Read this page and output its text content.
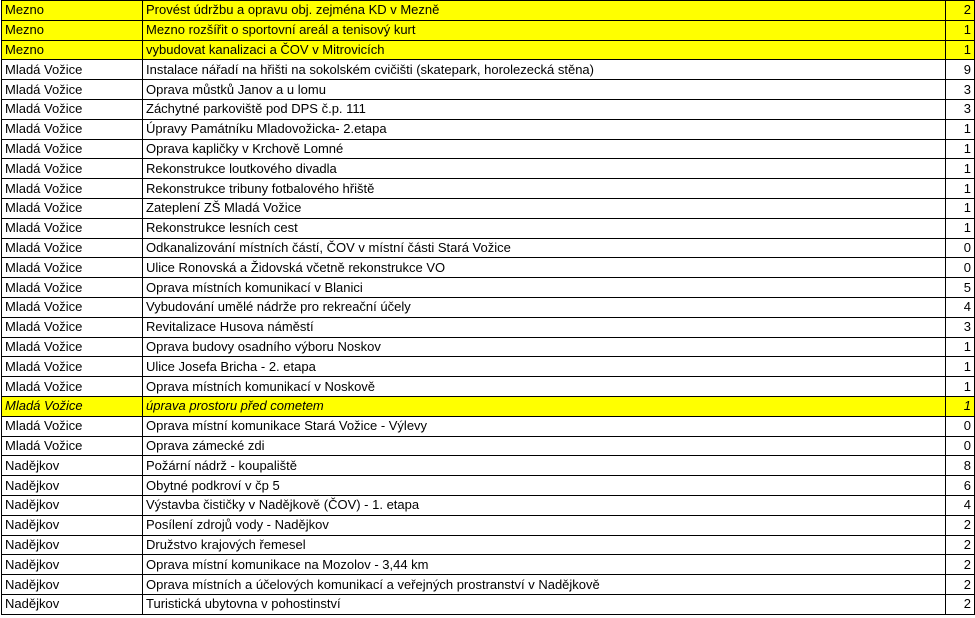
Mezno	Provést údržbu a opravu obj. zejména KD v Mezně	2
Mezno	Mezno rozšířit o sportovní areál a tenisový kurt	1
Mezno	vybudovat kanalizaci a ČOV v Mitrovicích	1
Mladá Vožice	Instalace nářadí na hřišti na sokolském cvičišti (skatepark, horolezecká stěna)	9
Mladá Vožice	Oprava můstků Janov a u lomu	3
Mladá Vožice	Záchytné parkoviště pod DPS č.p. 111	3
Mladá Vožice	Úpravy Památníku Mladovožicka- 2.etapa	1
Mladá Vožice	Oprava kapličky v Krchově Lomné	1
Mladá Vožice	Rekonstrukce loutkového divadla	1
Mladá Vožice	Rekonstrukce tribuny fotbalového hřiště	1
Mladá Vožice	Zateplení ZŠ Mladá Vožice	1
Mladá Vožice	Rekonstrukce lesních cest	1
Mladá Vožice	Odkanalizování místních částí, ČOV v místní části Stará Vožice	0
Mladá Vožice	Ulice Ronovská a Židovská včetně rekonstrukce VO	0
Mladá Vožice	Oprava místních komunikací v Blanici	5
Mladá Vožice	Vybudování umělé nádrže pro rekreační účely	4
Mladá Vožice	Revitalizace Husova náměstí	3
Mladá Vožice	Oprava budovy osadního výboru Noskov	1
Mladá Vožice	Ulice Josefa Bricha - 2. etapa	1
Mladá Vožice	Oprava místních komunikací v Noskově	1
Mladá Vožice	úprava prostoru před cometem	1
Mladá Vožice	Oprava místní komunikace Stará Vožice - Výlevy	0
Mladá Vožice	Oprava zámecké zdi	0
Nadějkov	Požární nádrž - koupaliště	8
Nadějkov	Obytné podkroví v čp 5	6
Nadějkov	Výstavba čističky v Nadějkově (ČOV) - 1. etapa	4
Nadějkov	Posílení zdrojů vody - Nadějkov	2
Nadějkov	Družstvo krajových řemesel	2
Nadějkov	Oprava místní komunikace na Mozolov - 3,44 km	2
Nadějkov	Oprava místních a účelových komunikací a veřejných prostranství v Nadějkově	2
Nadějkov	Turistická ubytovna v pohostinství	2
